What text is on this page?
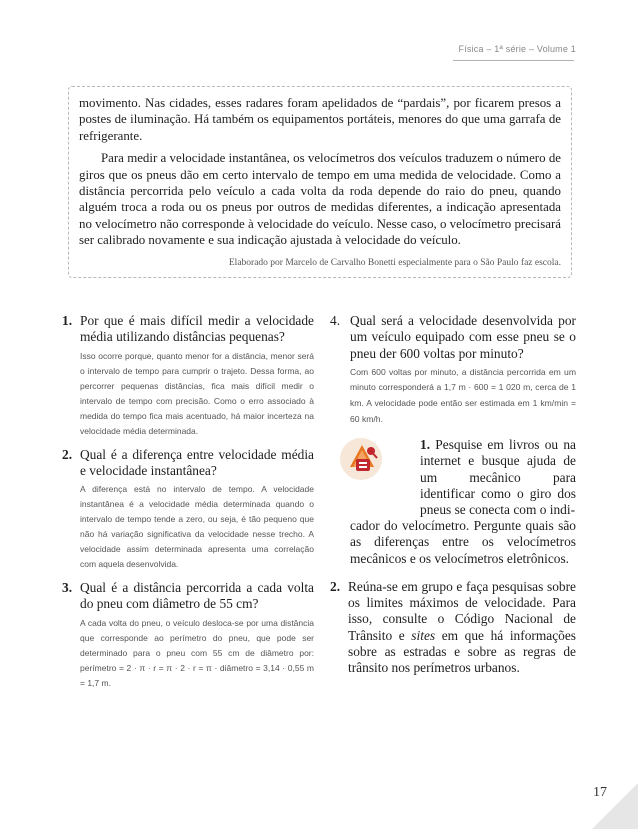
Física – 1ª série – Volume 1

movimento. Nas cidades, esses radares foram apelidados de “pardais”, por ficarem presos a postes de iluminação. Há também os equipamentos portáteis, menores do que uma garrafa de refrigerante.

Para medir a velocidade instantânea, os velocímetros dos veículos traduzem o número de giros que os pneus dão em certo intervalo de tempo em uma medida de velocidade. Como a distância percorrida pelo veículo a cada volta da roda depende do raio do pneu, quando alguém troca a roda ou os pneus por outros de medidas diferentes, a indicação apresentada no velocímetro não corresponde à velocidade do veículo. Nesse caso, o velocímetro precisará ser calibrado novamente e sua indicação ajustada à velocidade do veículo.

Elaborado por Marcelo de Carvalho Bonetti especialmente para o São Paulo faz escola.

1. Por que é mais difícil medir a velocidade média utilizando distâncias pequenas?
Isso ocorre porque, quanto menor for a distância, menor será o intervalo de tempo para cumprir o trajeto. Dessa forma, ao percorrer pequenas distâncias, fica mais difícil medir o intervalo de tempo com precisão. Como o erro associado à medida do tempo fica mais acentuado, há maior incerteza na velocidade média determinada.
2. Qual é a diferença entre velocidade média e velocidade instantânea?
A diferença está no intervalo de tempo. A velocidade instantânea é a velocidade média determinada quando o intervalo de tempo tende a zero, ou seja, é tão pequeno que não há variação significativa da velocidade nesse trecho. A velocidade assim determinada apresenta uma correlação com aquela desenvolvida.
3. Qual é a distância percorrida a cada volta do pneu com diâmetro de 55 cm?
A cada volta do pneu, o veículo desloca-se por uma distância que corresponde ao perímetro do pneu, que pode ser determinado para o pneu com 55 cm de diâmetro por: perímetro = 2 · π · r = π · 2 · r = π · diâmetro = 3,14 · 0,55 m = 1,7 m.
4. Qual será a velocidade desenvolvida por um veículo equipado com esse pneu se o pneu der 600 voltas por minuto?
Com 600 voltas por minuto, a distância percorrida em um minuto corresponderá a 1,7 m · 600 = 1 020 m, cerca de 1 km. A velocidade pode então ser estimada em 1 km/min = 60 km/h.
1. Pesquise em livros ou na internet e busque ajuda de um mecânico para identificar como o giro dos pneus se conecta com o indi-
cador do velocímetro. Pergunte quais são as diferenças entre os velocímetros mecânicos e os velocímetros eletrônicos.
2. Reúna-se em grupo e faça pesquisas sobre os limites máximos de velocidade. Para isso, consulte o Código Nacional de Trânsito e sites em que há informações sobre as estradas e sobre as regras de trânsito nos perímetros urbanos.
17
